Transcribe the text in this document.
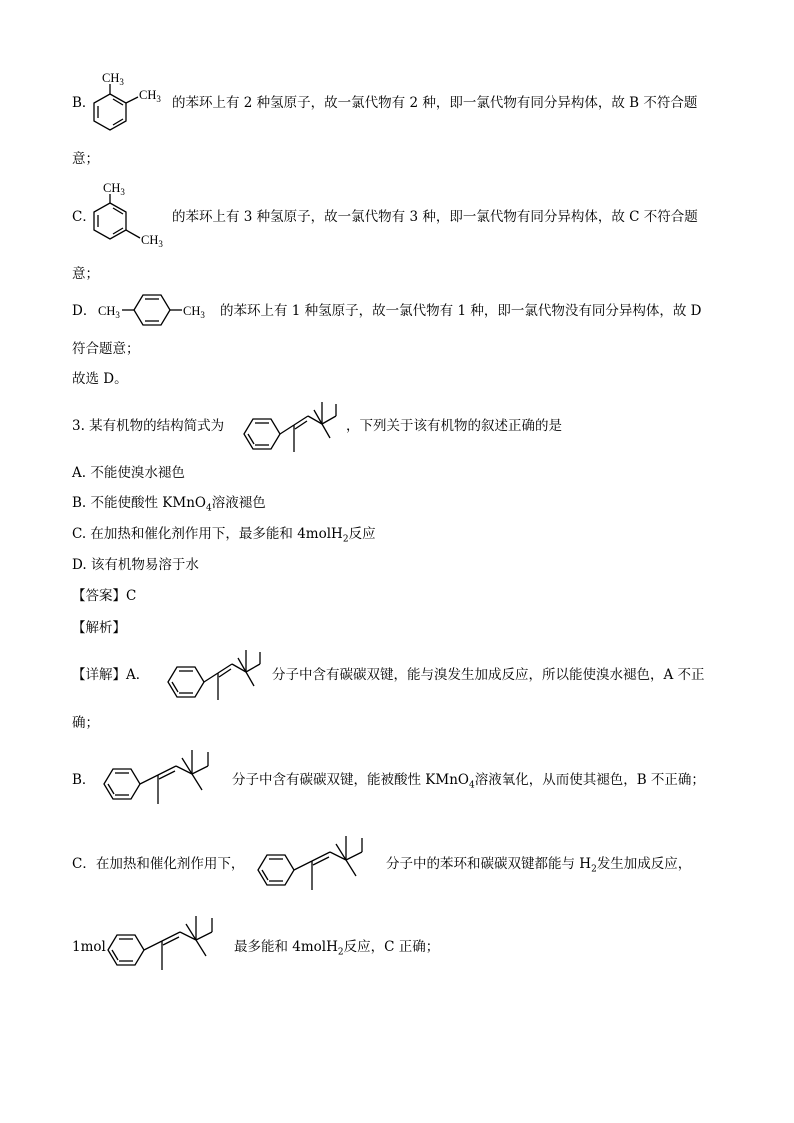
B．
$CH_3$
$CH_3$ 的苯环上有 2 种氢原子，故一氯代物有 2 种，即一氯代物有同分异构体，故 B 不符合题
意；
C．
$CH_3$
$CH_3$
的苯环上有 3 种氢原子，故一氯代物有 3 种，即一氯代物有同分异构体，故 C 不符合题
意；
D． $CH_3$	$CH_3$ 的苯环上有 1 种氢原子，故一氯代物有 1 种，即一氯代物没有同分异构体，故 D
符合题意；
故选 D。
3. 某有机物的结构简式为	，下列关于该有机物的叙述正确的是
A. 不能使溴水褪色
B. 不能使酸性 KMnO$_4$溶液褪色
C. 在加热和催化剂作用下，最多能和 4molH$_2$反应
D. 该有机物易溶于水
【答案】C
【解析】
【详解】A．	分子中含有碳碳双键，能与溴发生加成反应，所以能使溴水褪色，A 不正
确；
B．	分子中含有碳碳双键，能被酸性 KMnO$_4$溶液氧化，从而使其褪色，B 不正确；
C．在加热和催化剂作用下，	分子中的苯环和碳碳双键都能与 $H_2$发生加成反应，
1mol	最多能和 4molH$_2$反应，C 正确；
